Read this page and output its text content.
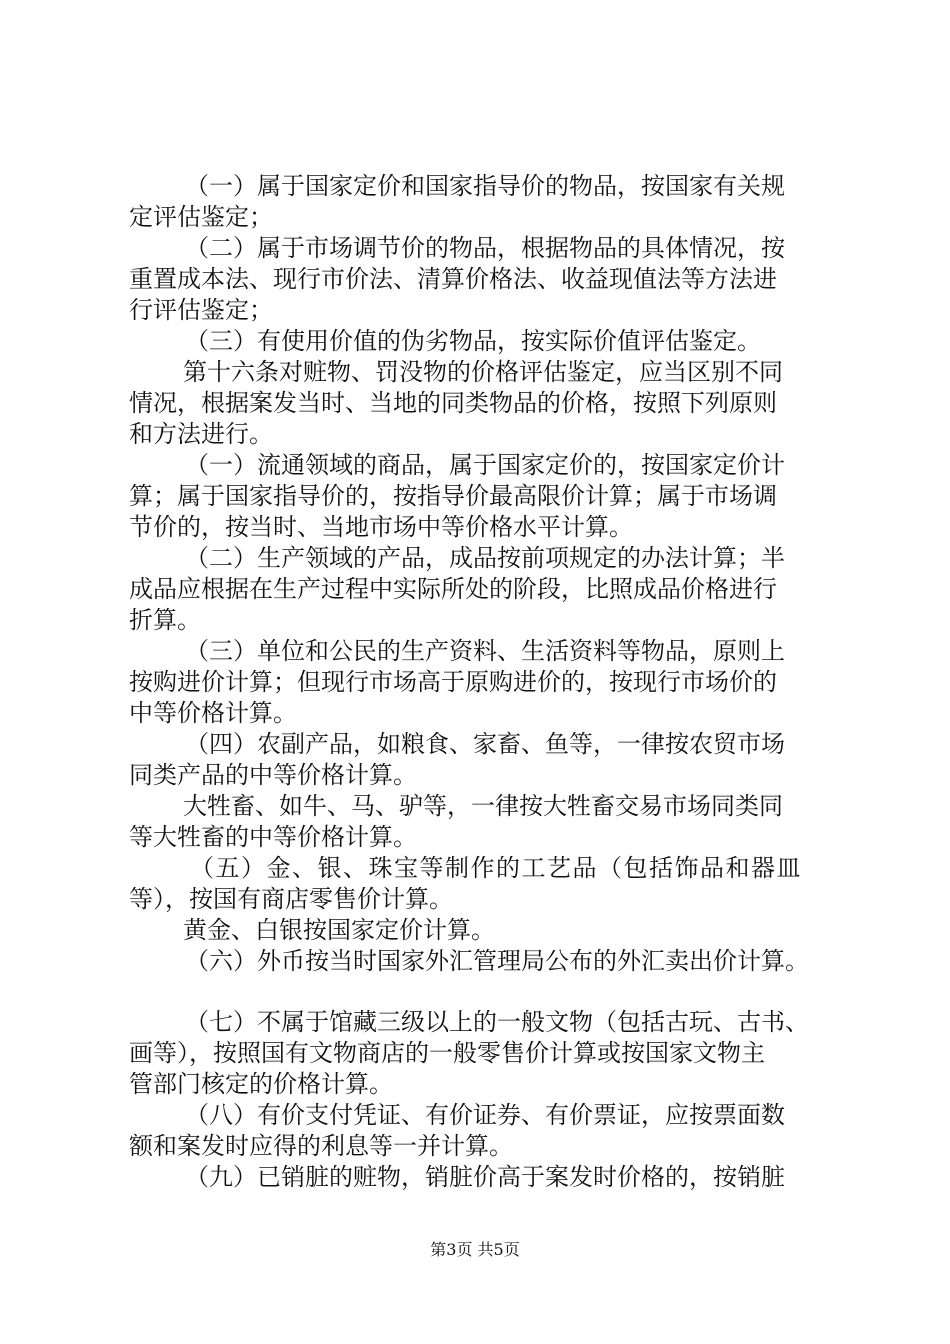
（一）属于国家定价和国家指导价的物品，按国家有关规
定评估鉴定；
（二）属于市场调节价的物品，根据物品的具体情况，按
重置成本法、现行市价法、清算价格法、收益现值法等方法进
行评估鉴定；
（三）有使用价值的伪劣物品，按实际价值评估鉴定。
第十六条对赃物、罚没物的价格评估鉴定，应当区别不同
情况，根据案发当时、当地的同类物品的价格，按照下列原则
和方法进行。
（一）流通领域的商品，属于国家定价的，按国家定价计
算；属于国家指导价的，按指导价最高限价计算；属于市场调
节价的，按当时、当地市场中等价格水平计算。
（二）生产领域的产品，成品按前项规定的办法计算；半
成品应根据在生产过程中实际所处的阶段，比照成品价格进行
折算。
（三）单位和公民的生产资料、生活资料等物品，原则上
按购进价计算；但现行市场高于原购进价的，按现行市场价的
中等价格计算。
（四）农副产品，如粮食、家畜、鱼等，一律按农贸市场
同类产品的中等价格计算。
大牲畜、如牛、马、驴等，一律按大牲畜交易市场同类同
等大牲畜的中等价格计算。
（五）金、银、珠宝等制作的工艺品（包括饰品和器皿
等），按国有商店零售价计算。
黄金、白银按国家定价计算。
（六）外币按当时国家外汇管理局公布的外汇卖出价计算。
（七）不属于馆藏三级以上的一般文物（包括古玩、古书、
画等），按照国有文物商店的一般零售价计算或按国家文物主
管部门核定的价格计算。
（八）有价支付凭证、有价证券、有价票证，应按票面数
额和案发时应得的利息等一并计算。
（九）已销脏的赃物，销脏价高于案发时价格的，按销脏
第3页 共5页
